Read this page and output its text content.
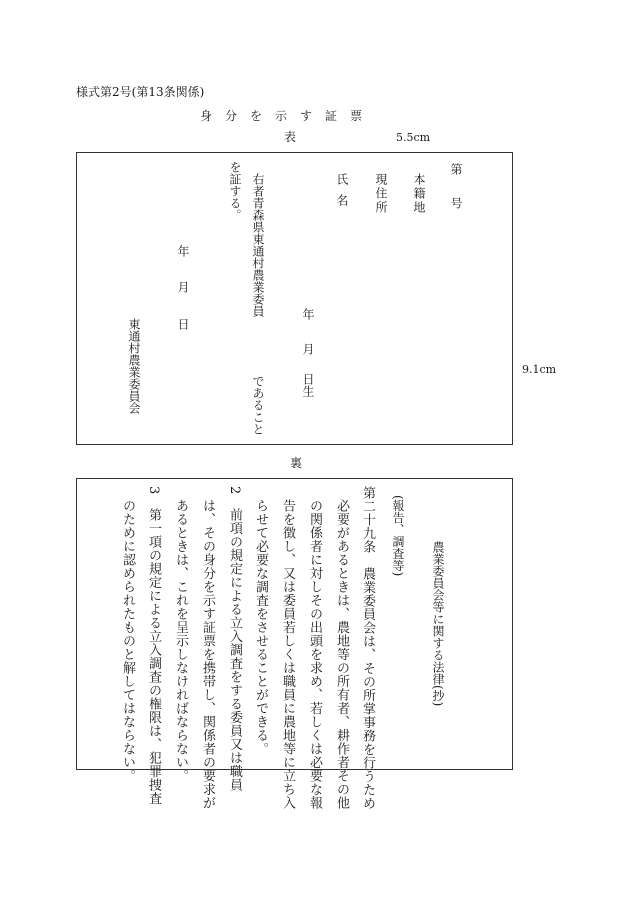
様式第2号(第13条関係)
身分を示す証票
表	5.5cm
第
号
本籍地
現住所
氏名
年
月
日生
右者青森県東通村農業委員
であること
を証する。
年
月
日
東通村農業委員会	9.1cm
裏
農業委員会等に関する法律(抄)
(報告、調査等)
第二十九条　農業委員会は、その所掌事務を行うため
必要があるときは、農地等の所有者、耕作者その他
の関係者に対しその出頭を求め、若しくは必要な報
告を徴し、又は委員若しくは職員に農地等に立ち入
らせて必要な調査をさせることができる。
2　前項の規定による立入調査をする委員又は職員
は、その身分を示す証票を携帯し、関係者の要求が
あるときは、これを呈示しなければならない。
3　第一項の規定による立入調査の権限は、犯罪捜査
のために認められたものと解してはならない。
